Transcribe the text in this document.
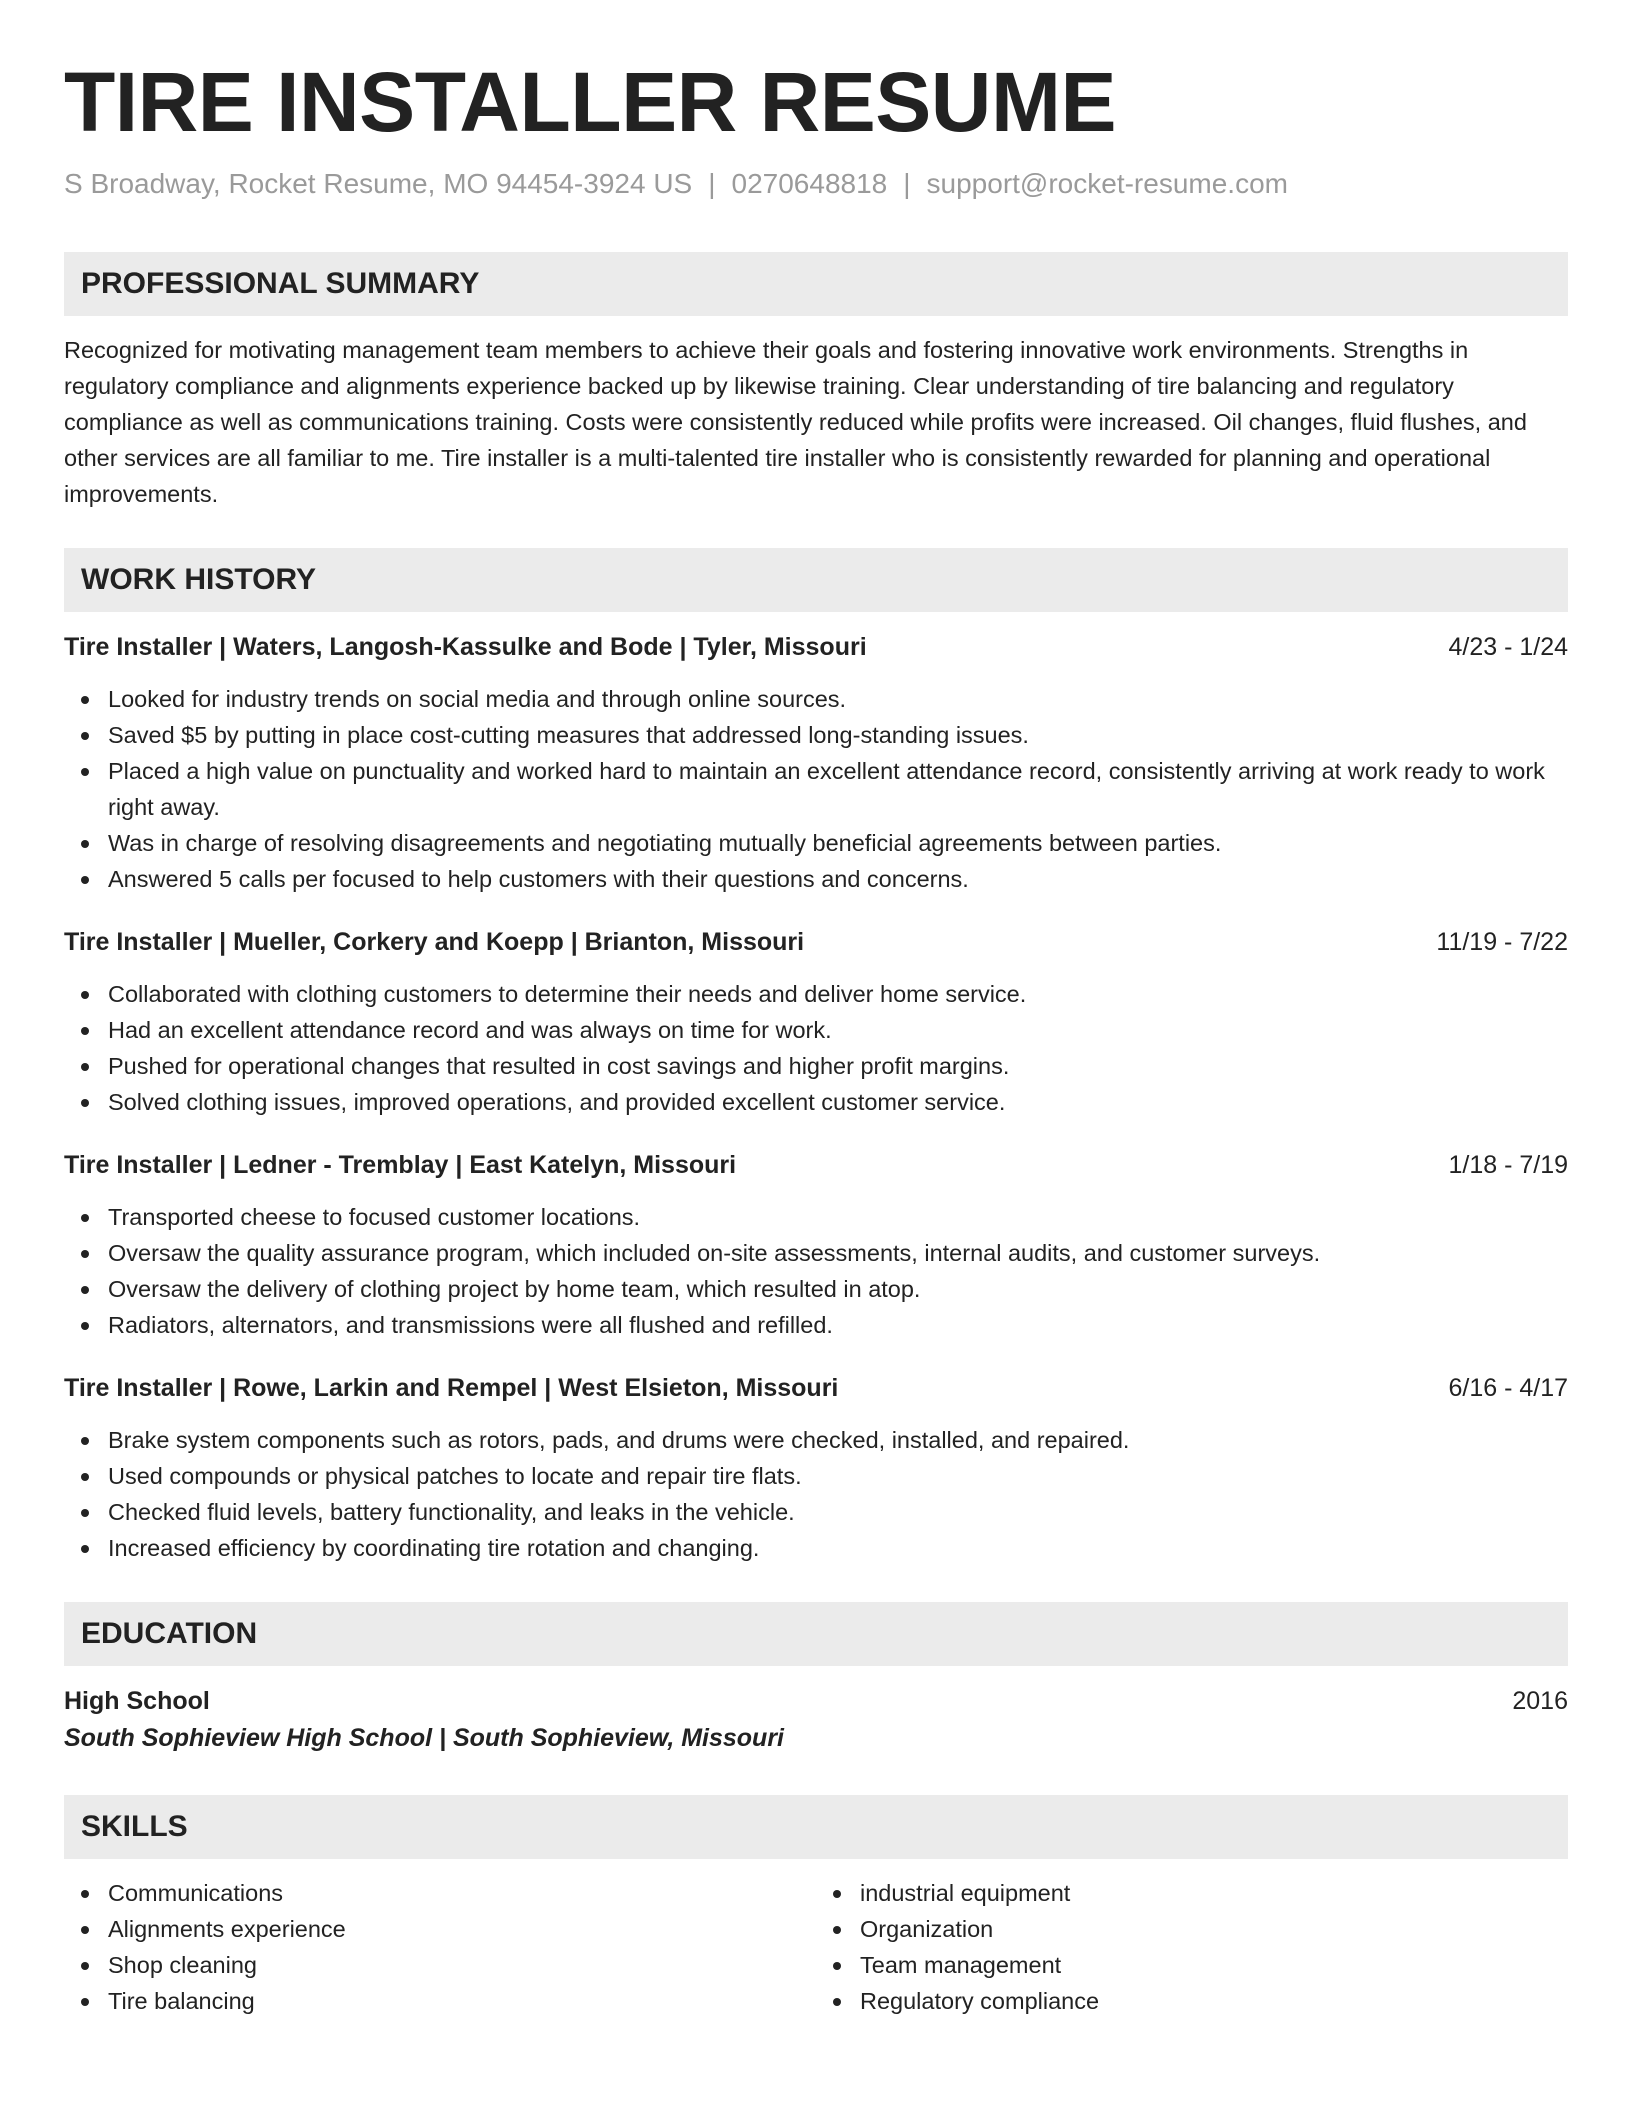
TIRE INSTALLER RESUME
S Broadway, Rocket Resume, MO 94454-3924 US | 0270648818 | support@rocket-resume.com
PROFESSIONAL SUMMARY
Recognized for motivating management team members to achieve their goals and fostering innovative work environments. Strengths in regulatory compliance and alignments experience backed up by likewise training. Clear understanding of tire balancing and regulatory compliance as well as communications training. Costs were consistently reduced while profits were increased. Oil changes, fluid flushes, and other services are all familiar to me. Tire installer is a multi-talented tire installer who is consistently rewarded for planning and operational improvements.
WORK HISTORY
Tire Installer | Waters, Langosh-Kassulke and Bode | Tyler, Missouri	4/23 - 1/24
Looked for industry trends on social media and through online sources.
Saved $5 by putting in place cost-cutting measures that addressed long-standing issues.
Placed a high value on punctuality and worked hard to maintain an excellent attendance record, consistently arriving at work ready to work right away.
Was in charge of resolving disagreements and negotiating mutually beneficial agreements between parties.
Answered 5 calls per focused to help customers with their questions and concerns.
Tire Installer | Mueller, Corkery and Koepp | Brianton, Missouri	11/19 - 7/22
Collaborated with clothing customers to determine their needs and deliver home service.
Had an excellent attendance record and was always on time for work.
Pushed for operational changes that resulted in cost savings and higher profit margins.
Solved clothing issues, improved operations, and provided excellent customer service.
Tire Installer | Ledner - Tremblay | East Katelyn, Missouri	1/18 - 7/19
Transported cheese to focused customer locations.
Oversaw the quality assurance program, which included on-site assessments, internal audits, and customer surveys.
Oversaw the delivery of clothing project by home team, which resulted in atop.
Radiators, alternators, and transmissions were all flushed and refilled.
Tire Installer | Rowe, Larkin and Rempel | West Elsieton, Missouri	6/16 - 4/17
Brake system components such as rotors, pads, and drums were checked, installed, and repaired.
Used compounds or physical patches to locate and repair tire flats.
Checked fluid levels, battery functionality, and leaks in the vehicle.
Increased efficiency by coordinating tire rotation and changing.
EDUCATION
High School	2016
South Sophieview High School | South Sophieview, Missouri
SKILLS
Communications
Alignments experience
Shop cleaning
Tire balancing
industrial equipment
Organization
Team management
Regulatory compliance
